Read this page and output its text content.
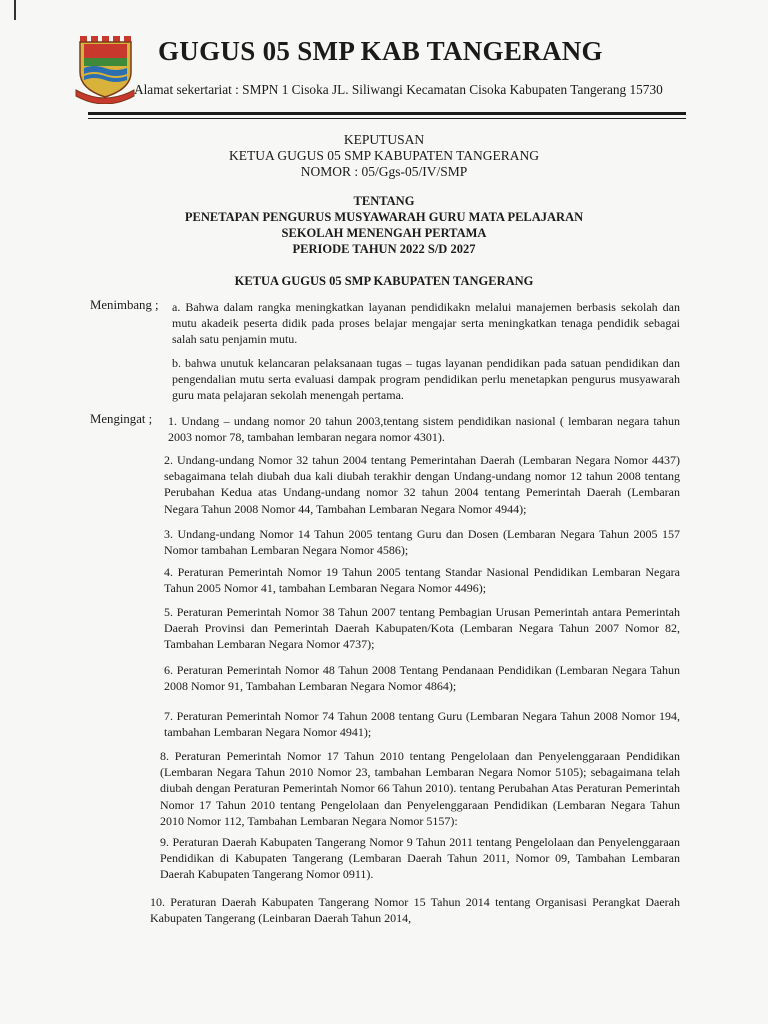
GUGUS 05 SMP KAB TANGERANG
Alamat sekertariat : SMPN 1 Cisoka JL. Siliwangi Kecamatan Cisoka Kabupaten Tangerang 15730
KEPUTUSAN
KETUA GUGUS 05 SMP KABUPATEN TANGERANG
NOMOR : 05/Ggs-05/IV/SMP
TENTANG
PENETAPAN PENGURUS MUSYAWARAH GURU MATA PELAJARAN
SEKOLAH MENENGAH PERTAMA
PERIODE TAHUN 2022 S/D 2027
KETUA GUGUS 05 SMP KABUPATEN TANGERANG
Menimbang ; a. Bahwa dalam rangka meningkatkan layanan pendidikakn melalui manajemen berbasis sekolah dan mutu akadeik peserta didik pada proses belajar mengajar serta meningkatkan tenaga pendidik sebagai salah satu penjamin mutu.
b. bahwa unutuk kelancaran pelaksanaan tugas – tugas layanan pendidikan pada satuan pendidikan dan pengendalian mutu serta evaluasi dampak program pendidikan perlu menetapkan pengurus musyawarah guru mata pelajaran sekolah menengah pertama.
Mengingat ; 1. Undang – undang nomor 20 tahun 2003,tentang sistem pendidikan nasional ( lembaran negara tahun 2003 nomor 78, tambahan lembaran negara nomor 4301).
2. Undang-undang Nomor 32 tahun 2004 tentang Pemerintahan Daerah (Lembaran Negara Nomor 4437) sebagaimana telah diubah dua kali diubah terakhir dengan Undang-undang nomor 12 tahun 2008 tentang Perubahan Kedua atas Undang-undang nomor 32 tahun 2004 tentang Pemerintah Daerah (Lembaran Negara Tahun 2008 Nomor 44, Tambahan Lembaran Negara Nomor 4944);
3. Undang-undang Nomor 14 Tahun 2005 tentang Guru dan Dosen (Lembaran Negara Tahun 2005 157 Nomor tambahan Lembaran Negara Nomor 4586);
4. Peraturan Pemerintah Nomor 19 Tahun 2005 tentang Standar Nasional Pendidikan Lembaran Negara Tahun 2005 Nomor 41, tambahan Lembaran Negara Nomor 4496);
5. Peraturan Pemerintah Nomor 38 Tahun 2007 tentang Pembagian Urusan Pemerintah antara Pemerintah Daerah Provinsi dan Pemerintah Daerah Kabupaten/Kota (Lembaran Negara Tahun 2007 Nomor 82, Tambahan Lembaran Negara Nomor 4737);
6. Peraturan Pemerintah Nomor 48 Tahun 2008 Tentang Pendanaan Pendidikan (Lembaran Negara Tahun 2008 Nomor 91, Tambahan Lembaran Negara Nomor 4864);
7. Peraturan Pemerintah Nomor 74 Tahun 2008 tentang Guru (Lembaran Negara Tahun 2008 Nomor 194, tambahan Lembaran Negara Nomor 4941);
8. Peraturan Pemerintah Nomor 17 Tahun 2010 tentang Pengelolaan dan Penyelenggaraan Pendidikan (Lembaran Negara Tahun 2010 Nomor 23, tambahan Lembaran Negara Nomor 5105); sebagaimana telah diubah dengan Peraturan Pemerintah Nomor 66 Tahun 2010). tentang Perubahan Atas Peraturan Pemerintah Nomor 17 Tahun 2010 tentang Pengelolaan dan Penyelenggaraan Pendidikan (Lembaran Negara Tahun 2010 Nomor 112, Tambahan Lembaran Negara Nomor 5157):
9. Peraturan Daerah Kabupaten Tangerang Nomor 9 Tahun 2011 tentang Pengelolaan dan Penyelenggaraan Pendidikan di Kabupaten Tangerang (Lembaran Daerah Tahun 2011, Nomor 09, Tambahan Lembaran Daerah Kabupaten Tangerang Nomor 0911).
10. Peraturan Daerah Kabupaten Tangerang Nomor 15 Tahun 2014 tentang Organisasi Perangkat Daerah Kabupaten Tangerang (Leinbaran Daerah Tahun 2014,
